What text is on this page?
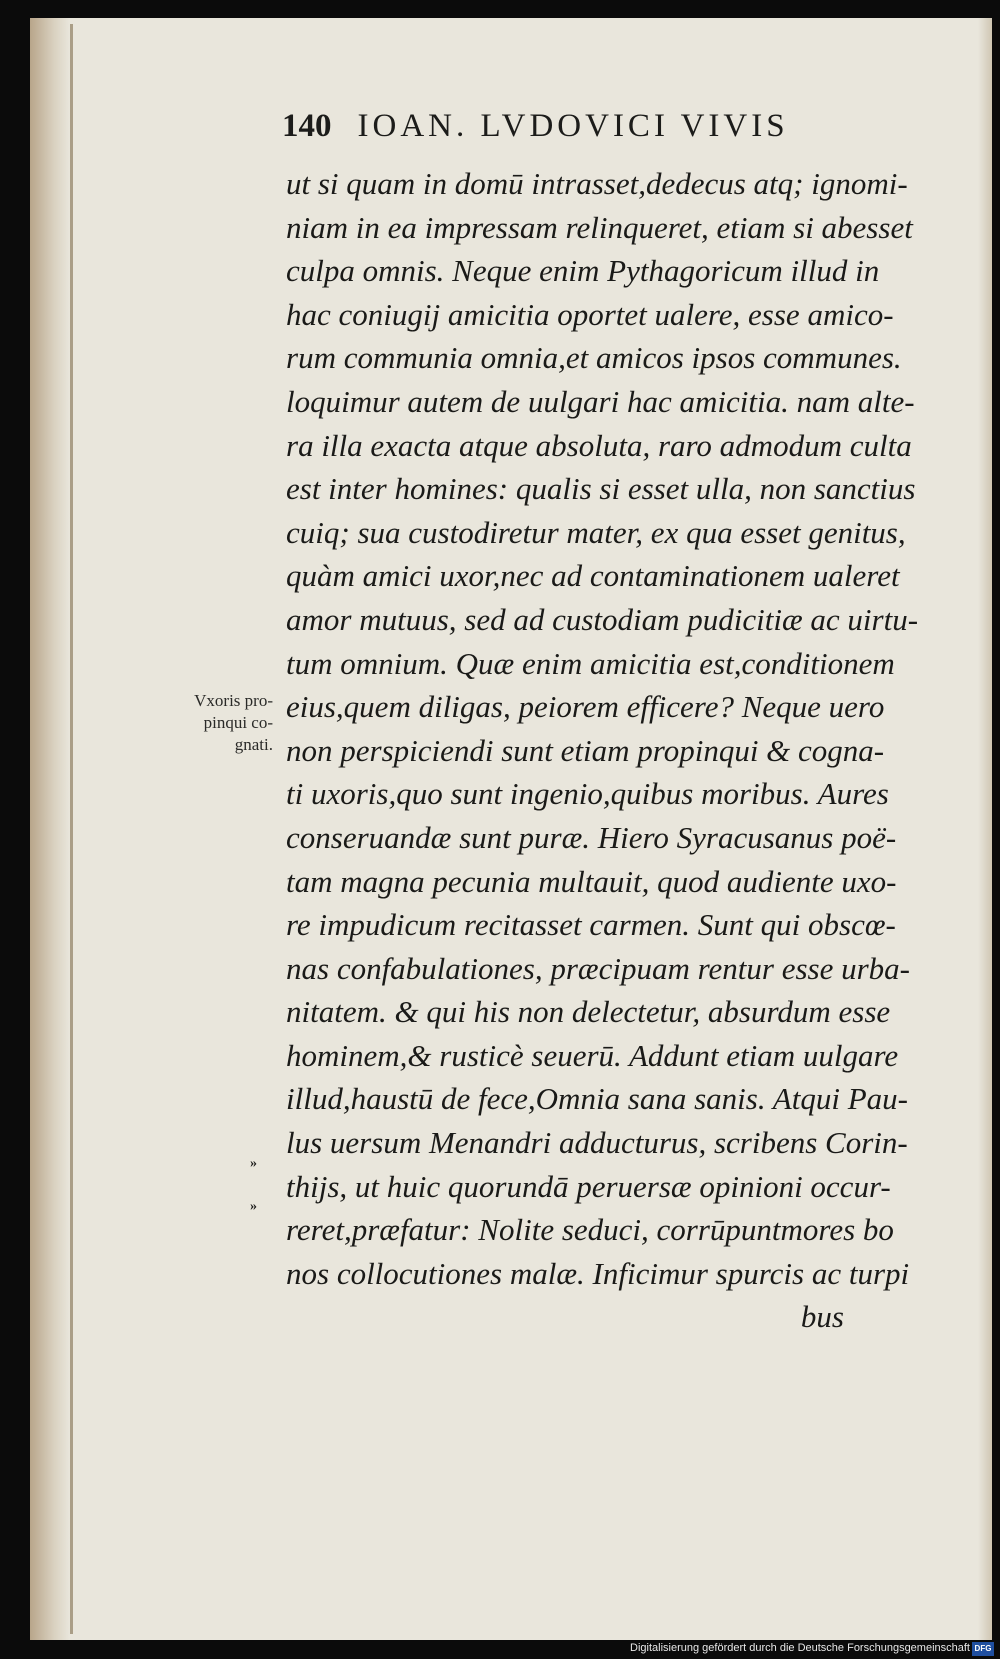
140 IOAN. LVDOVICI VIVIS
Vxoris pro-
pinqui co-
gnati.
»
»
ut si quam in domū intrasset,dedecus atq; ignomi-
niam in ea impressam relinqueret, etiam si abesset
culpa omnis. Neque enim Pythagoricum illud in
hac coniugij amicitia oportet ualere, esse amico-
rum communia omnia,et amicos ipsos communes.
loquimur autem de uulgari hac amicitia. nam alte-
ra illa exacta atque absoluta, raro admodum culta
est inter homines: qualis si esset ulla, non sanctius
cuiq; sua custodiretur mater, ex qua esset genitus,
quàm amici uxor,nec ad contaminationem ualeret
amor mutuus, sed ad custodiam pudicitiæ ac uirtu-
tum omnium. Quæ enim amicitia est,conditionem
eius,quem diligas, peiorem efficere? Neque uero
non perspiciendi sunt etiam propinqui & cogna-
ti uxoris,quo sunt ingenio,quibus moribus. Aures
conseruandæ sunt puræ. Hiero Syracusanus poë-
tam magna pecunia multauit, quod audiente uxo-
re impudicum recitasset carmen. Sunt qui obscœ-
nas confabulationes, præcipuam rentur esse urba-
nitatem. & qui his non delectetur, absurdum esse
hominem,& rusticè seuerū. Addunt etiam uulgare
illud,haustū de fece,Omnia sana sanis. Atqui Pau-
lus uersum Menandri adducturus, scribens Corin-
thijs, ut huic quorundā peruersæ opinioni occur-
reret,præfatur: Nolite seduci, corrūpuntmores bo
nos collocutiones malæ. Inficimur spurcis ac turpi
bus
Digitalisierung gefördert durch die Deutsche Forschungsgemeinschaft DFG
